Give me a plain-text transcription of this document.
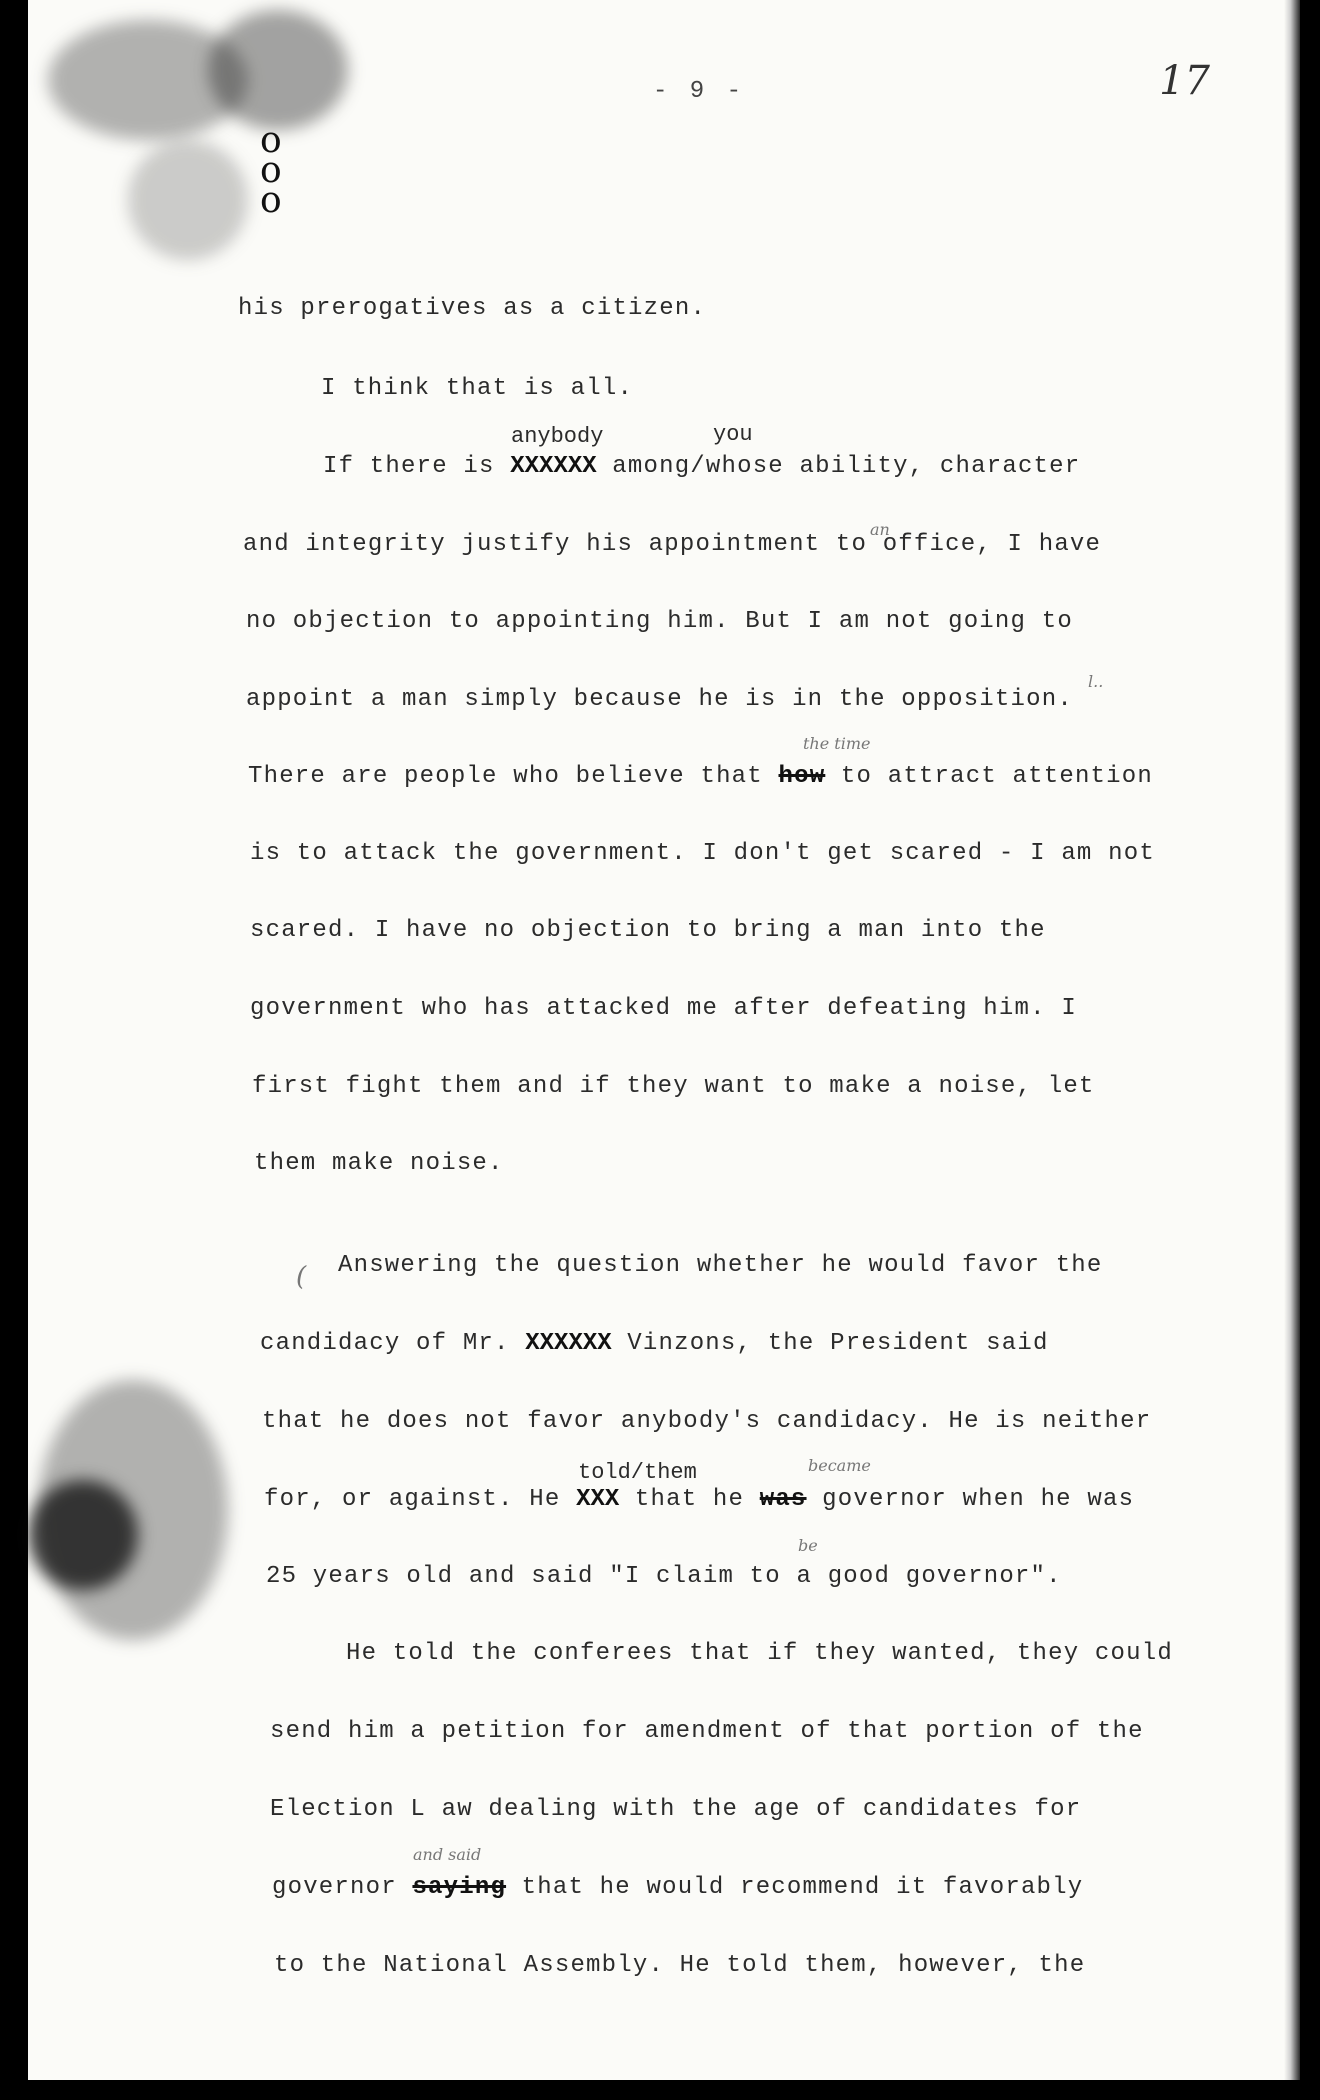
- 9 -	17
o
o
o
his prerogatives as a citizen.
I think that is all.
anybody	you
If there is XXXXXX among/whose ability, character
an
and integrity justify his appointment to office, I have
no objection to appointing him. But I am not going to
appoint a man simply because he is in the opposition.
l..
the time
There are people who believe that how to attract attention
is to attack the government. I don't get scared - I am not
scared. I have no objection to bring a man into the
government who has attacked me after defeating him. I
first fight them and if they want to make a noise, let
them make noise.
( Answering the question whether he would favor the
candidacy of Mr. XXXXXX Vinzons, the President said
that he does not favor anybody's candidacy. He is neither
told/them	became
for, or against. He XXX that he was governor when he was
be
25 years old and said "I claim to a good governor".
He told the conferees that if they wanted, they could
send him a petition for amendment of that portion of the
Election L aw dealing with the age of candidates for
and said
governor saying that he would recommend it favorably
to the National Assembly. He told them, however, the
